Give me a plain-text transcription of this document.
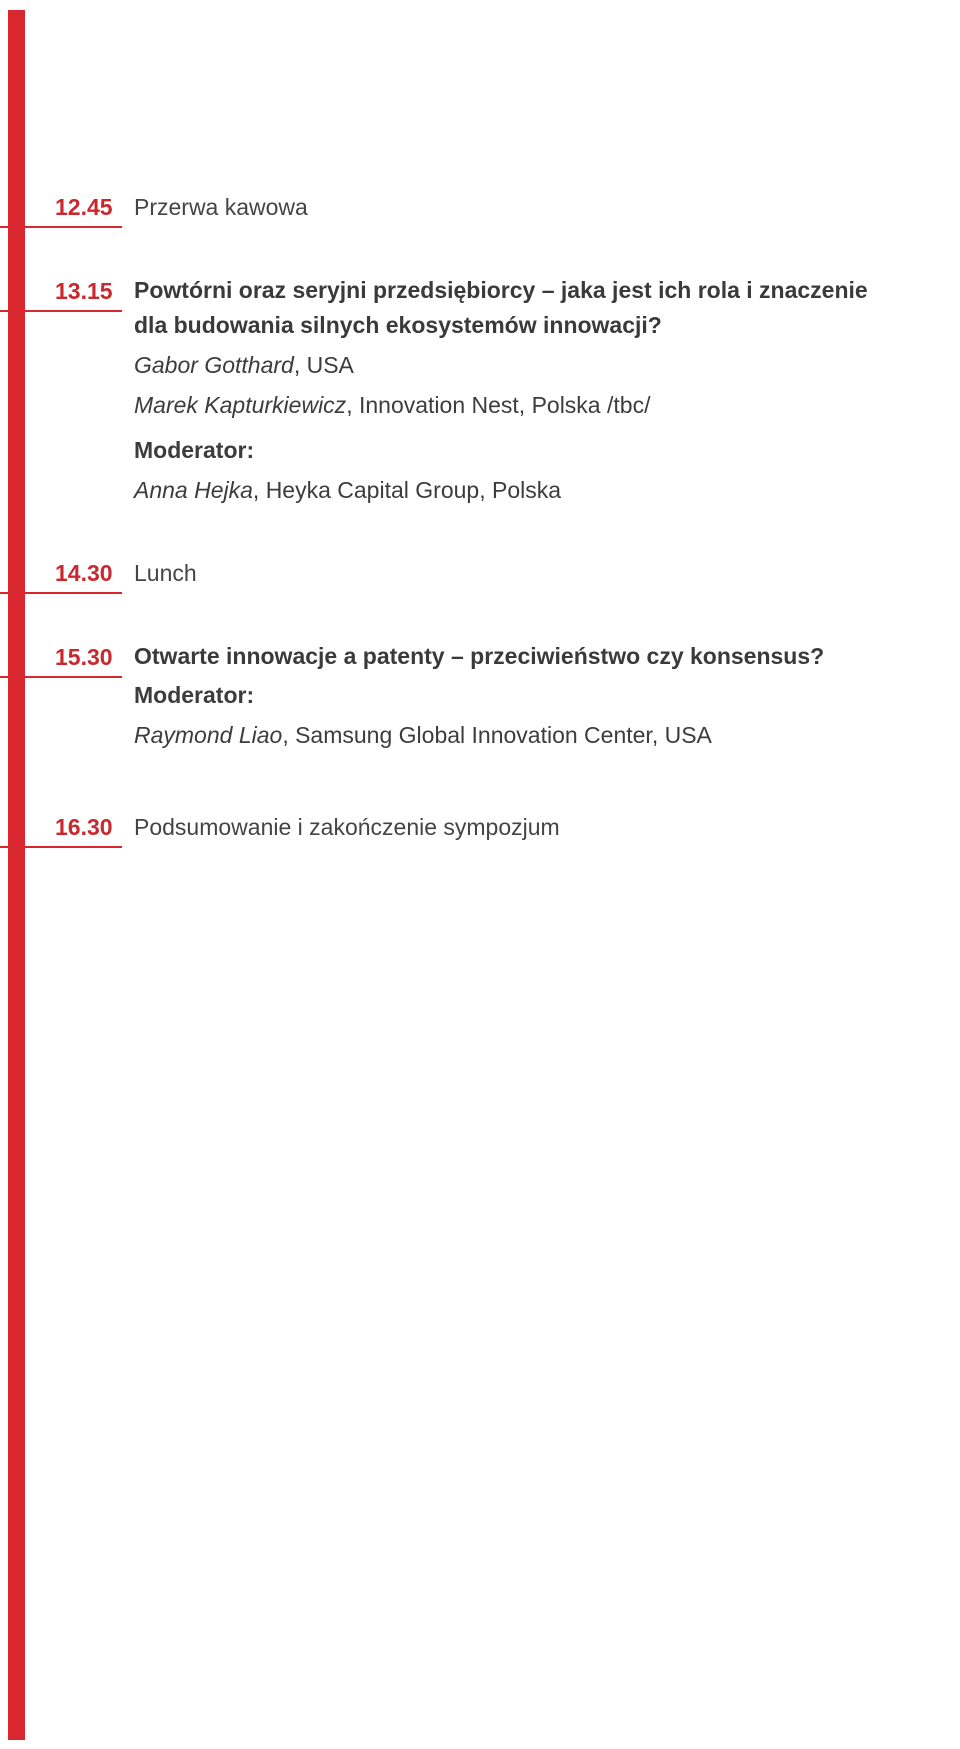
12.45 Przerwa kawowa
13.15 Powtórni oraz seryjni przedsiębiorcy – jaka jest ich rola i znaczenie
dla budowania silnych ekosystemów innowacji?
Gabor Gotthard, USA
Marek Kapturkiewicz, Innovation Nest, Polska /tbc/
Moderator:
Anna Hejka, Heyka Capital Group, Polska
14.30 Lunch
15.30 Otwarte innowacje a patenty – przeciwieństwo czy konsensus?
Moderator:
Raymond Liao, Samsung Global Innovation Center, USA
16.30 Podsumowanie i zakończenie sympozjum
